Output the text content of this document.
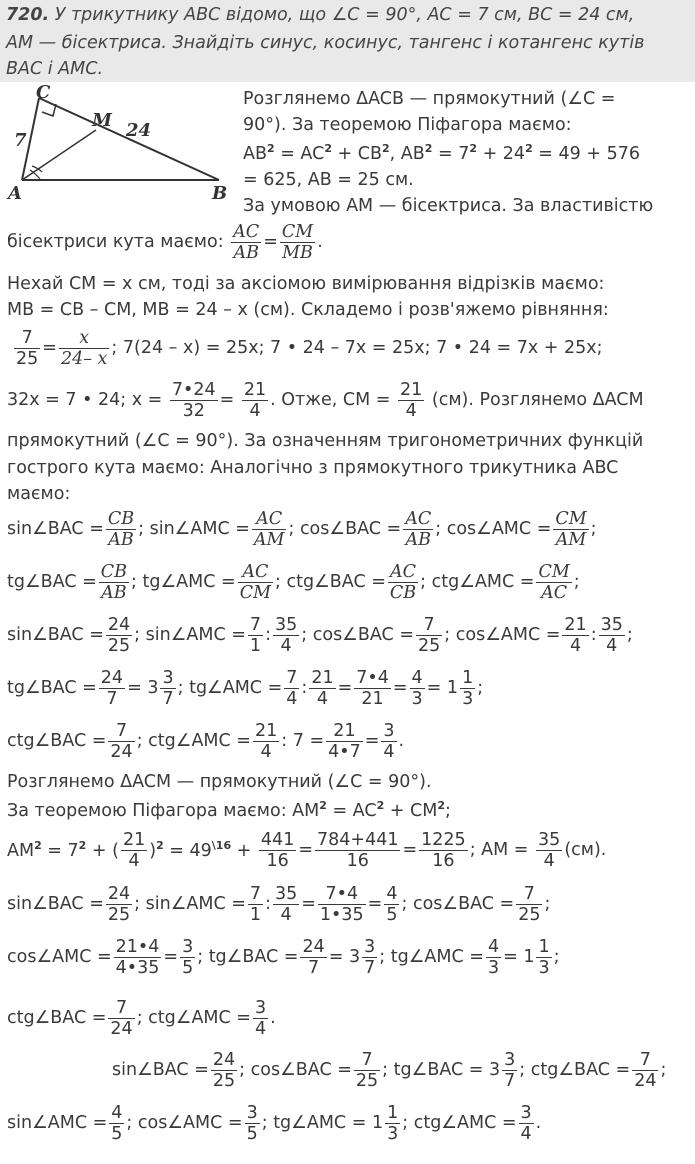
720. У трикутнику ABC відомо, що ∠C = 90°, AC = 7 см, BC = 24 см,
AM — бісектриса. Знайдіть синус, косинус, тангенс і котангенс кутів
BAC і AMC.
C
M
A	B
7	24
Розглянемо ΔACB — прямокутний (∠C =
90°). За теоремою Піфагора маємо:
$AB^2 = AC^2 + CB^2$, $AB^2 = 7^2 + 24^2 = 49 + 576$
= 625, AB = 25 см.
За умовою AM — бісектриса. За властивістю
бісектриси кута маємо: $\frac{AC}{AB} = \frac{CM}{MB}$ .
Нехай CM = x см, тоді за аксіомою вимірювання відрізків маємо:
MB = CB – CM, MB = 24 – x (см). Складемо і розв'яжемо рівняння:
$\frac{7}{25} = \frac{x}{24- x}$ ; 7(24 – x) = 25x; 7 • 24 – 7x = 25x; 7 • 24 = 7x + 25x;
32x = 7 • 24; $x = \frac{7•24}{32} = \frac{21}{4}$ . Отже, CM = $\frac{21}{4} (см)$. Розглянемо ΔACM
прямокутний (∠C = 90°). За означенням тригонометричних функцій
гострого кута маємо: Аналогічно з прямокутного трикутника ABC
маємо:
sin∠BAC = $\frac{CB}{AB}$ ; sin∠AMC = $\frac{AC}{AM}$ ; cos∠BAC = $\frac{AC}{AB}$ ; cos∠AMC = $\frac{CM}{AM}$ ;
tg∠BAC = $\frac{CB}{AB}$ ; tg∠AMC = $\frac{AC}{CM}$ ; ctg∠BAC = $\frac{AC}{CB}$ ; ctg∠AMC = $\frac{CM}{AC}$ ;
sin∠BAC = $\frac{24}{25}$ ; sin∠AMC = $\frac{7}{1}$ : $\frac{35}{4}$ ; cos∠BAC = $\frac{7}{25}$ ; cos∠AMC = $\frac{21}{4}$ : $\frac{35}{4}$ ;
tg∠BAC = $\frac{24}{7} = 3 \frac{3}{7}$ ; tg∠AMC = $\frac{7}{4}$ : $\frac{21}{4} = \frac{7•4}{21} = \frac{4}{3} = 1 \frac{1}{3}$ ;
ctg∠BAC = $\frac{7}{24}$ ; ctg∠AMC = $\frac{21}{4}$ : $7 = \frac{21}{4•7} = \frac{3}{4}$ .
Розглянемо ΔACM — прямокутний (∠C = 90°).
За теоремою Піфагора маємо: $AM^2 = AC^2 + CM^2$;
$AM^2 = 7^2$ + ( $\frac{21}{4} )^2 = 49^{\backslash 16} + \frac{441}{16} = \frac{784+441}{16} = \frac{1225}{16}$ ; AM = $\frac{35}{4} (см)$.
sin∠BAC = $\frac{24}{25}$ ; sin∠AMC = $\frac{7}{1}$ : $\frac{35}{4} = \frac{7•4}{1•35} = \frac{4}{5}$ ; cos∠BAC = $\frac{7}{25}$ ;
cos∠AMC = $\frac{21•4}{4•35} = \frac{3}{5}$ ; tg∠BAC = $\frac{24}{7} = 3 \frac{3}{7}$ ; tg∠AMC = $\frac{4}{3} = 1 \frac{1}{3}$ ;
ctg∠BAC = $\frac{7}{24}$ ; ctg∠AMC = $\frac{3}{4}$ .
sin∠BAC = $\frac{24}{25}$ ; cos∠BAC = $\frac{7}{25}$ ; tg∠BAC = $3 \frac{3}{7}$ ; ctg∠BAC = $\frac{7}{24}$ ;
sin∠AMC = $\frac{4}{5}$ ; cos∠AMC = $\frac{3}{5}$ ; tg∠AMC = $1 \frac{1}{3}$ ; ctg∠AMC = $\frac{3}{4}$ .
